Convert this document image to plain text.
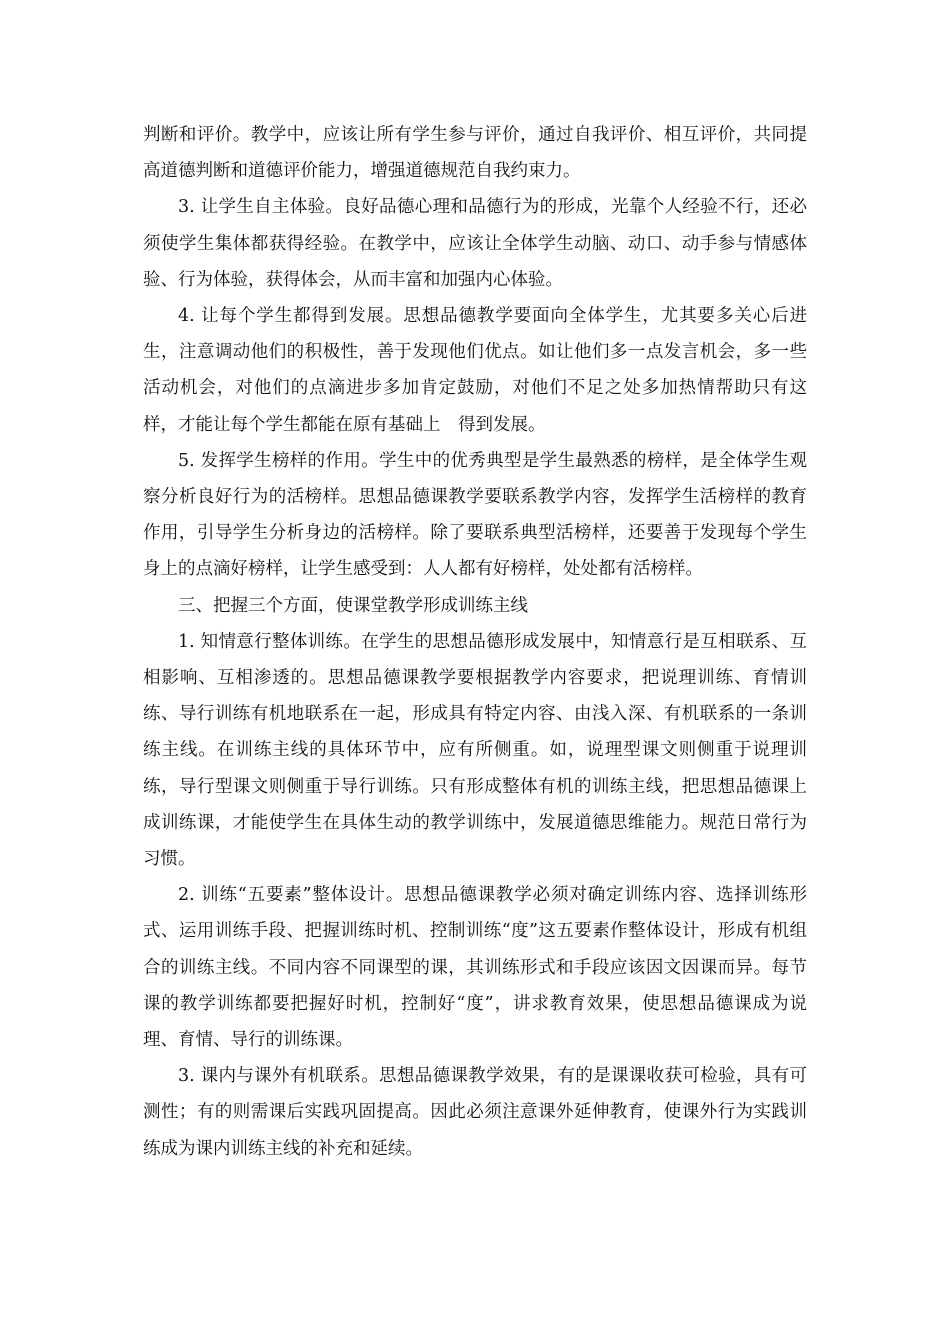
判断和评价。教学中，应该让所有学生参与评价，通过自我评价、相互评价，共同提高道德判断和道德评价能力，增强道德规范自我约束力。

3. 让学生自主体验。良好品德心理和品德行为的形成，光靠个人经验不行，还必须使学生集体都获得经验。在教学中，应该让全体学生动脑、动口、动手参与情感体验、行为体验，获得体会，从而丰富和加强内心体验。

4. 让每个学生都得到发展。思想品德教学要面向全体学生，尤其要多关心后进生，注意调动他们的积极性，善于发现他们优点。如让他们多一点发言机会，多一些活动机会，对他们的点滴进步多加肯定鼓励，对他们不足之处多加热情帮助只有这样，才能让每个学生都能在原有基础上　得到发展。

5. 发挥学生榜样的作用。学生中的优秀典型是学生最熟悉的榜样，是全体学生观察分析良好行为的活榜样。思想品德课教学要联系教学内容，发挥学生活榜样的教育作用，引导学生分析身边的活榜样。除了要联系典型活榜样，还要善于发现每个学生身上的点滴好榜样，让学生感受到：人人都有好榜样，处处都有活榜样。

三、把握三个方面，使课堂教学形成训练主线

1. 知情意行整体训练。在学生的思想品德形成发展中，知情意行是互相联系、互相影响、互相渗透的。思想品德课教学要根据教学内容要求，把说理训练、育情训练、导行训练有机地联系在一起，形成具有特定内容、由浅入深、有机联系的一条训练主线。在训练主线的具体环节中，应有所侧重。如，说理型课文则侧重于说理训练，导行型课文则侧重于导行训练。只有形成整体有机的训练主线，把思想品德课上成训练课，才能使学生在具体生动的教学训练中，发展道德思维能力。规范日常行为习惯。

2. 训练“五要素”整体设计。思想品德课教学必须对确定训练内容、选择训练形式、运用训练手段、把握训练时机、控制训练“度”这五要素作整体设计，形成有机组合的训练主线。不同内容不同课型的课，其训练形式和手段应该因文因课而异。每节课的教学训练都要把握好时机，控制好“度”，讲求教育效果，使思想品德课成为说理、育情、导行的训练课。

3. 课内与课外有机联系。思想品德课教学效果，有的是课课收获可检验，具有可测性；有的则需课后实践巩固提高。因此必须注意课外延伸教育，使课外行为实践训练成为课内训练主线的补充和延续。
